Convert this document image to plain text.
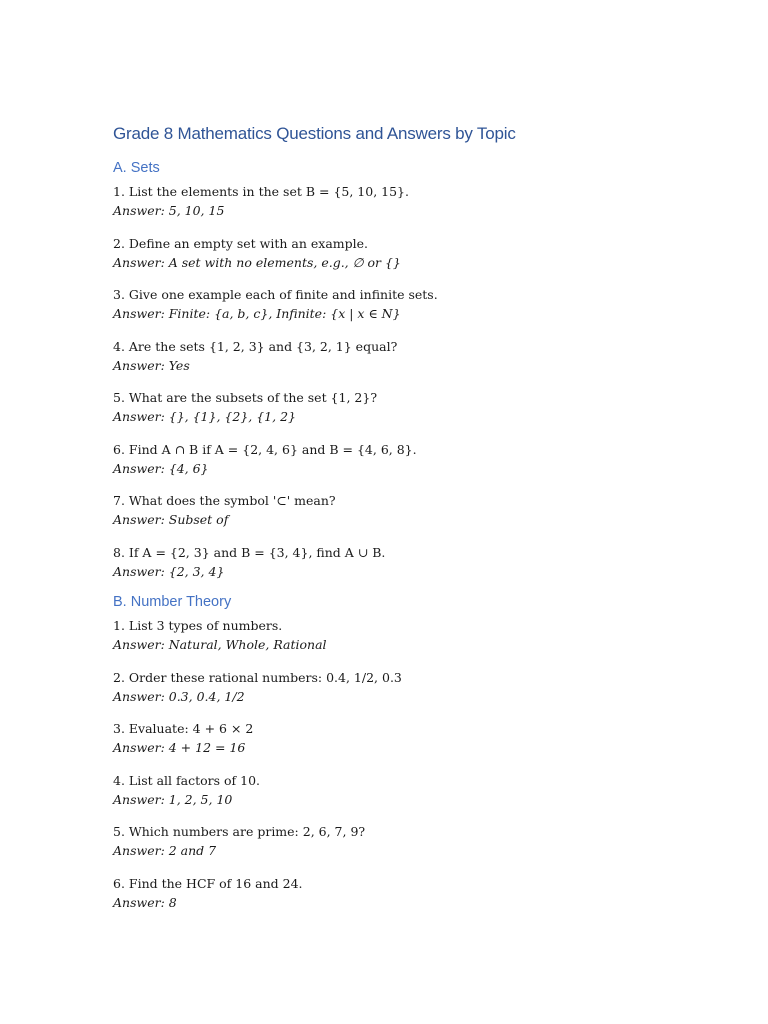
Grade 8 Mathematics Questions and Answers by Topic
A. Sets
1. List the elements in the set B = {5, 10, 15}.
Answer: 5, 10, 15
2. Define an empty set with an example.
Answer: A set with no elements, e.g., ∅ or {}
3. Give one example each of finite and infinite sets.
Answer: Finite: {a, b, c}, Infinite: {x | x ∈ N}
4. Are the sets {1, 2, 3} and {3, 2, 1} equal?
Answer: Yes
5. What are the subsets of the set {1, 2}?
Answer: {}, {1}, {2}, {1, 2}
6. Find A ∩ B if A = {2, 4, 6} and B = {4, 6, 8}.
Answer: {4, 6}
7. What does the symbol '⊂' mean?
Answer: Subset of
8. If A = {2, 3} and B = {3, 4}, find A ∪ B.
Answer: {2, 3, 4}
B. Number Theory
1. List 3 types of numbers.
Answer: Natural, Whole, Rational
2. Order these rational numbers: 0.4, 1/2, 0.3
Answer: 0.3, 0.4, 1/2
3. Evaluate: 4 + 6 × 2
Answer: 4 + 12 = 16
4. List all factors of 10.
Answer: 1, 2, 5, 10
5. Which numbers are prime: 2, 6, 7, 9?
Answer: 2 and 7
6. Find the HCF of 16 and 24.
Answer: 8
